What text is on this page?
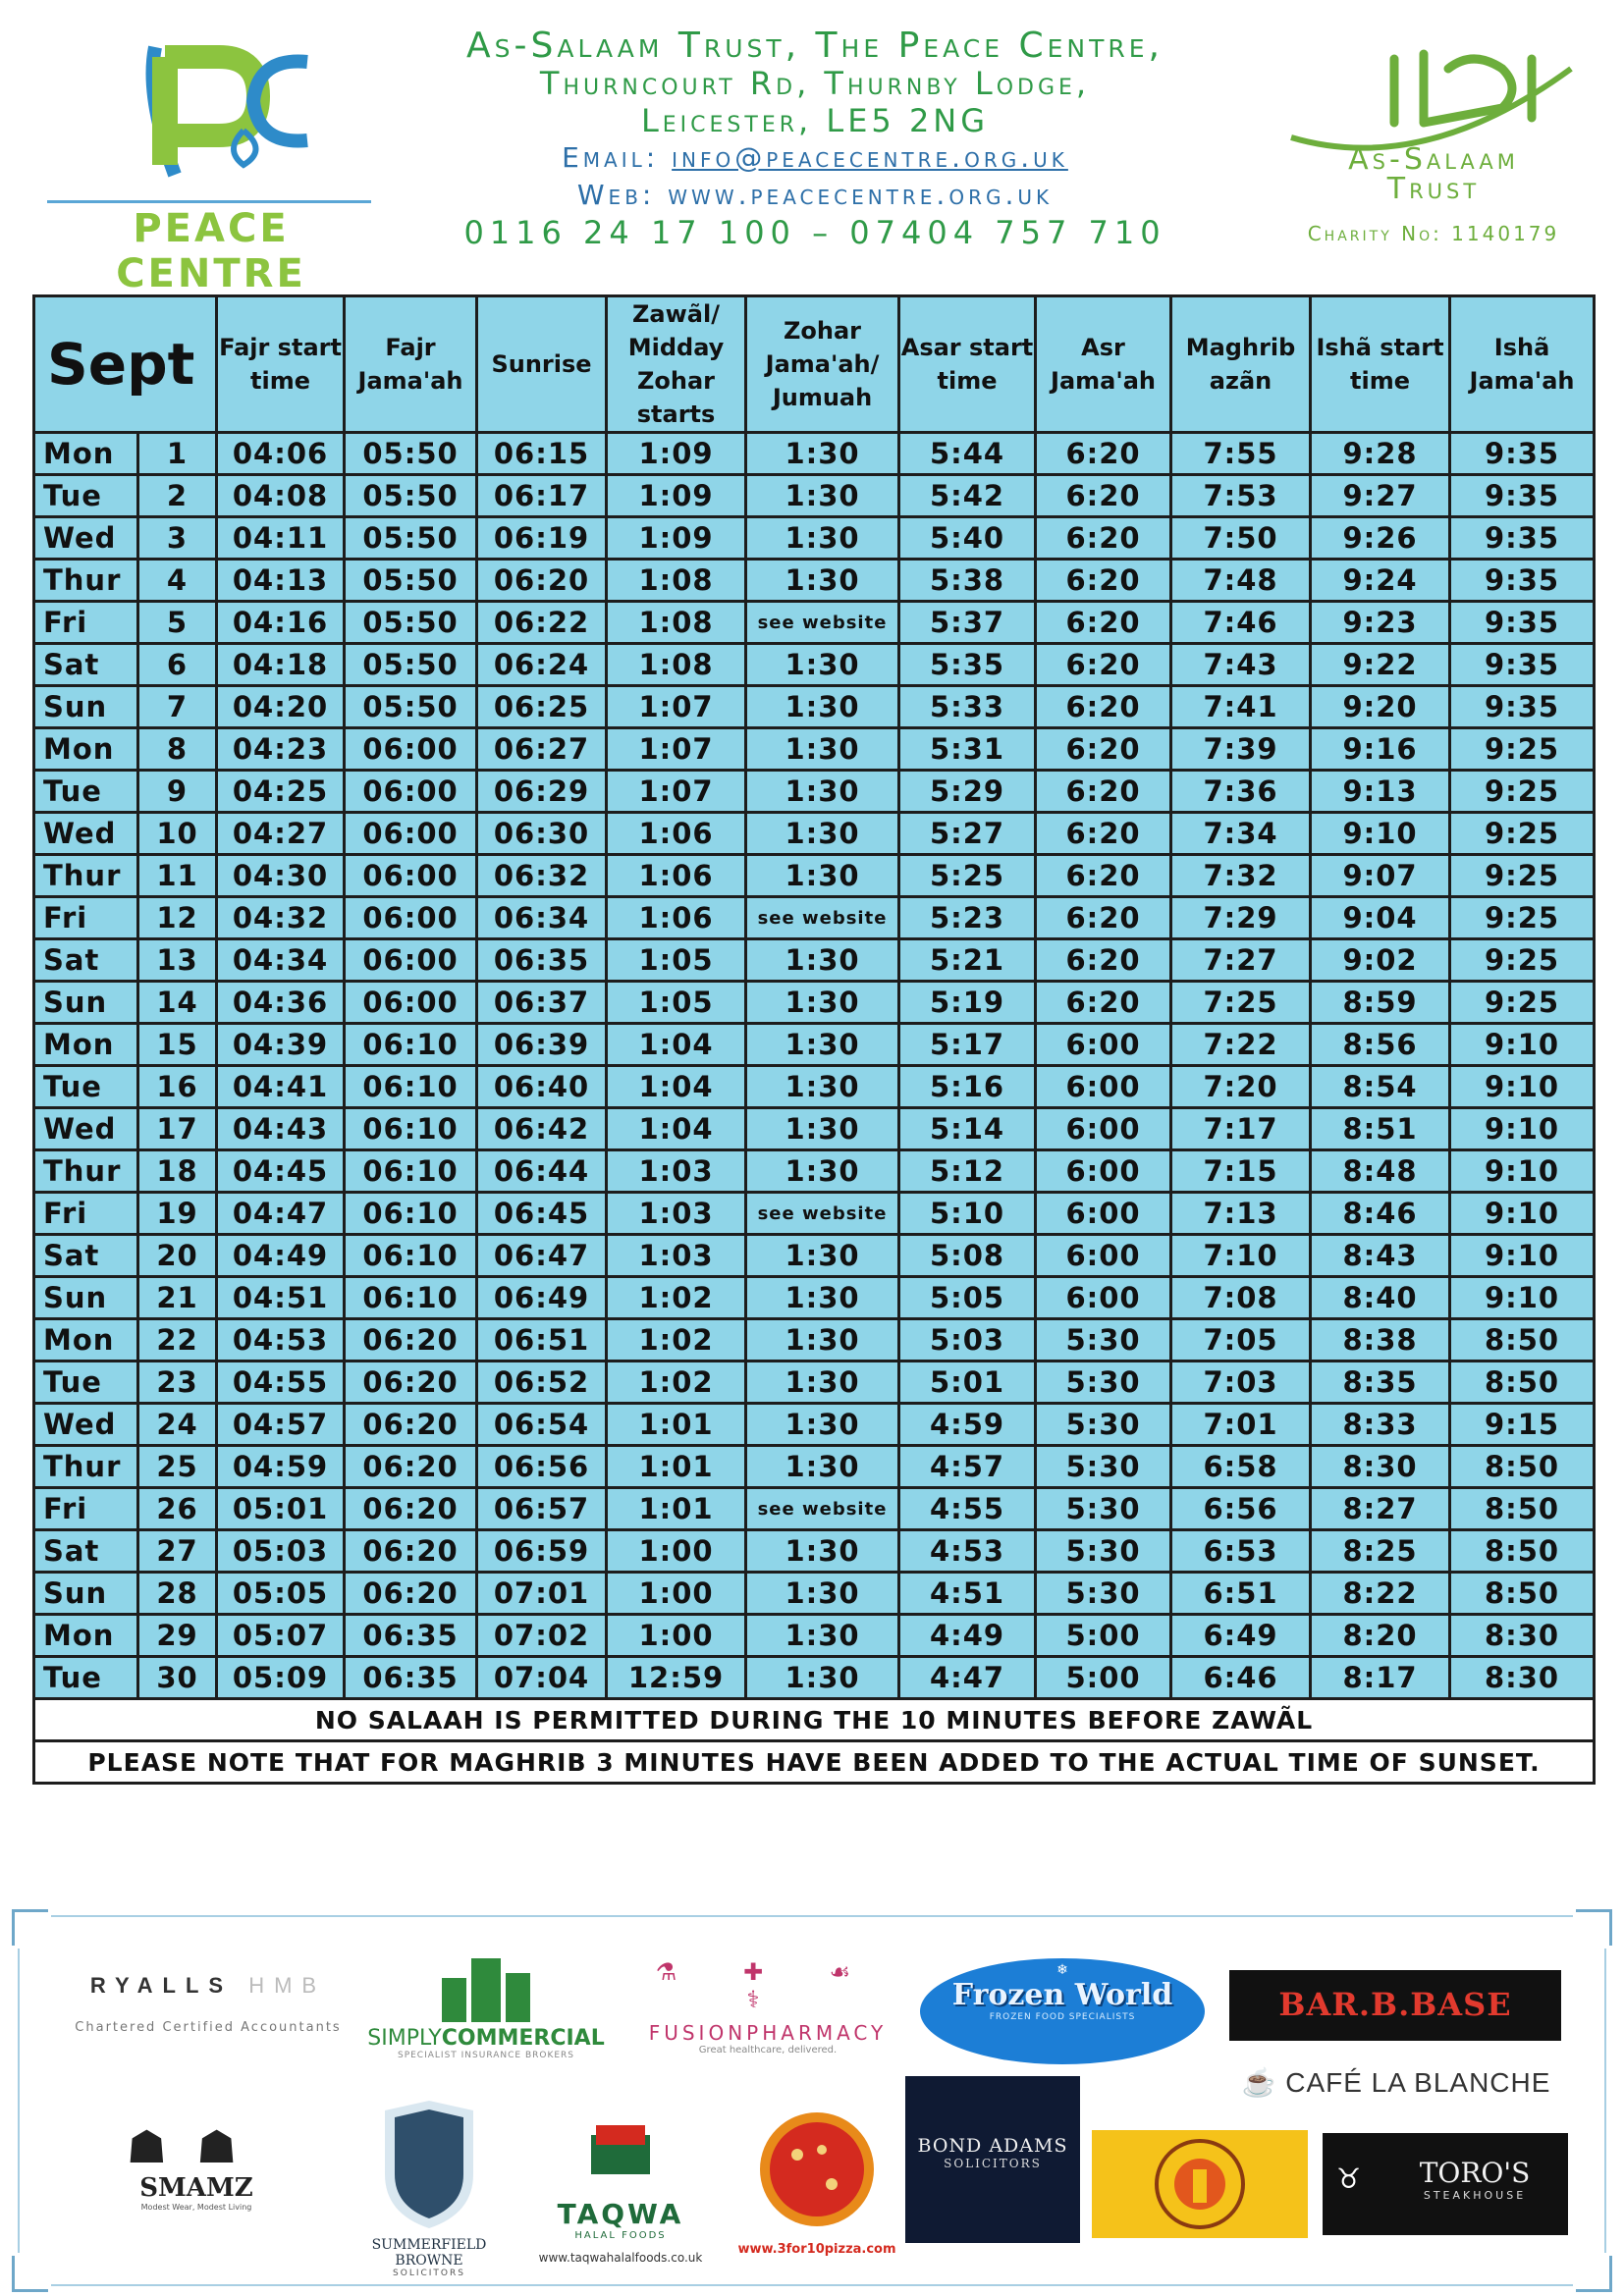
PEACE CENTRE
As-Salaam Trust, The Peace Centre,
Thurncourt Rd, Thurnby Lodge,
Leicester, LE5 2NG
Email: info@peacecentre.org.uk
Web: www.peacecentre.org.uk
0116 24 17 100 – 07404 757 710
As-Salaam
Trust
Charity No: 1140179
Sept		Fajr start time	Fajr Jama'ah	Sunrise	Zawãl/ Midday Zohar starts	Zohar Jama'ah/ Jumuah	Asar start time	Asr Jama'ah	Maghrib azãn	Ishã start time	Ishã Jama'ah
Mon	1	04:06	05:50	06:15	1:09	1:30	5:44	6:20	7:55	9:28	9:35
Tue	2	04:08	05:50	06:17	1:09	1:30	5:42	6:20	7:53	9:27	9:35
Wed	3	04:11	05:50	06:19	1:09	1:30	5:40	6:20	7:50	9:26	9:35
Thur	4	04:13	05:50	06:20	1:08	1:30	5:38	6:20	7:48	9:24	9:35
Fri	5	04:16	05:50	06:22	1:08	see website	5:37	6:20	7:46	9:23	9:35
Sat	6	04:18	05:50	06:24	1:08	1:30	5:35	6:20	7:43	9:22	9:35
Sun	7	04:20	05:50	06:25	1:07	1:30	5:33	6:20	7:41	9:20	9:35
Mon	8	04:23	06:00	06:27	1:07	1:30	5:31	6:20	7:39	9:16	9:25
Tue	9	04:25	06:00	06:29	1:07	1:30	5:29	6:20	7:36	9:13	9:25
Wed	10	04:27	06:00	06:30	1:06	1:30	5:27	6:20	7:34	9:10	9:25
Thur	11	04:30	06:00	06:32	1:06	1:30	5:25	6:20	7:32	9:07	9:25
Fri	12	04:32	06:00	06:34	1:06	see website	5:23	6:20	7:29	9:04	9:25
Sat	13	04:34	06:00	06:35	1:05	1:30	5:21	6:20	7:27	9:02	9:25
Sun	14	04:36	06:00	06:37	1:05	1:30	5:19	6:20	7:25	8:59	9:25
Mon	15	04:39	06:10	06:39	1:04	1:30	5:17	6:00	7:22	8:56	9:10
Tue	16	04:41	06:10	06:40	1:04	1:30	5:16	6:00	7:20	8:54	9:10
Wed	17	04:43	06:10	06:42	1:04	1:30	5:14	6:00	7:17	8:51	9:10
Thur	18	04:45	06:10	06:44	1:03	1:30	5:12	6:00	7:15	8:48	9:10
Fri	19	04:47	06:10	06:45	1:03	see website	5:10	6:00	7:13	8:46	9:10
Sat	20	04:49	06:10	06:47	1:03	1:30	5:08	6:00	7:10	8:43	9:10
Sun	21	04:51	06:10	06:49	1:02	1:30	5:05	6:00	7:08	8:40	9:10
Mon	22	04:53	06:20	06:51	1:02	1:30	5:03	5:30	7:05	8:38	8:50
Tue	23	04:55	06:20	06:52	1:02	1:30	5:01	5:30	7:03	8:35	8:50
Wed	24	04:57	06:20	06:54	1:01	1:30	4:59	5:30	7:01	8:33	9:15
Thur	25	04:59	06:20	06:56	1:01	1:30	4:57	5:30	6:58	8:30	8:50
Fri	26	05:01	06:20	06:57	1:01	see website	4:55	5:30	6:56	8:27	8:50
Sat	27	05:03	06:20	06:59	1:00	1:30	4:53	5:30	6:53	8:25	8:50
Sun	28	05:05	06:20	07:01	1:00	1:30	4:51	5:30	6:51	8:22	8:50
Mon	29	05:07	06:35	07:02	1:00	1:30	4:49	5:00	6:49	8:20	8:30
Tue	30	05:09	06:35	07:04	12:59	1:30	4:47	5:00	6:46	8:17	8:30
NO SALAAH IS PERMITTED DURING THE 10 MINUTES BEFORE ZAWÃL											
PLEASE NOTE THAT FOR MAGHRIB 3 MINUTES HAVE BEEN ADDED TO THE ACTUAL TIME OF SUNSET.											
RYALLS HMB
Chartered Certified Accountants	SIMPLYCOMMERCIAL
SPECIALIST INSURANCE BROKERS
⚗ ✚ ☙ ⚕
FUSIONPHARMACY
Great healthcare, delivered.
❄
Frozen World
FROZEN FOOD SPECIALISTS	BAR.B.BASE
☕ CAFÉ LA BLANCHE
☗☗
SMAMZ
Modest Wear, Modest Living
SUMMERFIELD BROWNE
SOLICITORS
TAQWA
HALAL FOODS
www.taqwahalalfoods.co.uk
www.3for10pizza.com
BOND ADAMS
SOLICITORS	♉	TORO'S
STEAKHOUSE
